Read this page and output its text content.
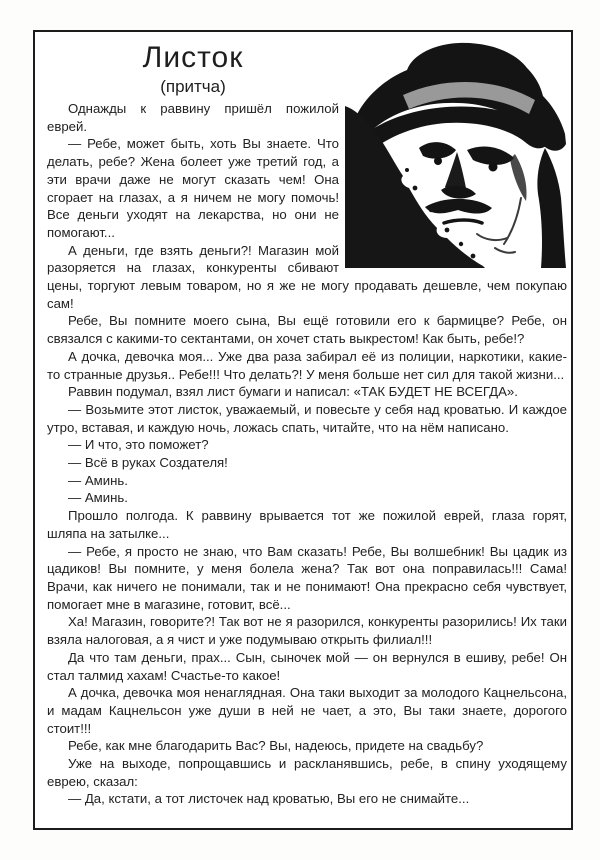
Листок
(притча)

Однажды к раввину пришёл пожилой еврей.

— Ребе, может быть, хоть Вы знаете. Что делать, ребе? Жена болеет уже третий год, а эти врачи даже не могут сказать чем! Она сгорает на глазах, а я ничем не могу помочь! Все деньги уходят на лекарства, но они не помогают...

А деньги, где взять деньги?! Магазин мой разоряется на глазах, конкуренты сбивают цены, торгуют левым товаром, но я же не могу продавать дешевле, чем покупаю сам!

Ребе, Вы помните моего сына, Вы ещё готовили его к бармицве? Ребе, он связался с какими-то сектантами, он хочет стать выкрестом! Как быть, ребе!?

А дочка, девочка моя... Уже два раза забирал её из полиции, наркотики, какие-то странные друзья.. Ребе!!! Что делать?! У меня больше нет сил для такой жизни...

Раввин подумал, взял лист бумаги и написал: «ТАК БУДЕТ НЕ ВСЕГДА».

— Возьмите этот листок, уважаемый, и повесьте у себя над кроватью. И каждое утро, вставая, и каждую ночь, ложась спать, читайте, что на нём написано.

— И что, это поможет?

— Всё в руках Создателя!

— Аминь.

— Аминь.

Прошло полгода. К раввину врывается тот же пожилой еврей, глаза горят, шляпа на затылке...

— Ребе, я просто не знаю, что Вам сказать! Ребе, Вы волшебник! Вы цадик из цадиков! Вы помните, у меня болела жена? Так вот она поправилась!!! Сама! Врачи, как ничего не понимали, так и не понимают! Она прекрасно себя чувствует, помогает мне в магазине, готовит, всё...

Ха! Магазин, говорите?! Так вот не я разорился, конкуренты разорились! Их таки взяла налоговая, а я чист и уже подумываю открыть филиал!!!

Да что там деньги, прах... Сын, сыночек мой — он вернулся в ешиву, ребе! Он стал талмид хахам! Счастье-то какое!

А дочка, девочка моя ненаглядная. Она таки выходит за молодого Кацнельсона, и мадам Кацнельсон уже души в ней не чает, а это, Вы таки знаете, дорогого стоит!!!

Ребе, как мне благодарить Вас? Вы, надеюсь, придете на свадьбу?

Уже на выходе, попрощавшись и раскланявшись, ребе, в спину уходящему еврею, сказал:

— Да, кстати, а тот листочек над кроватью, Вы его не снимайте...
